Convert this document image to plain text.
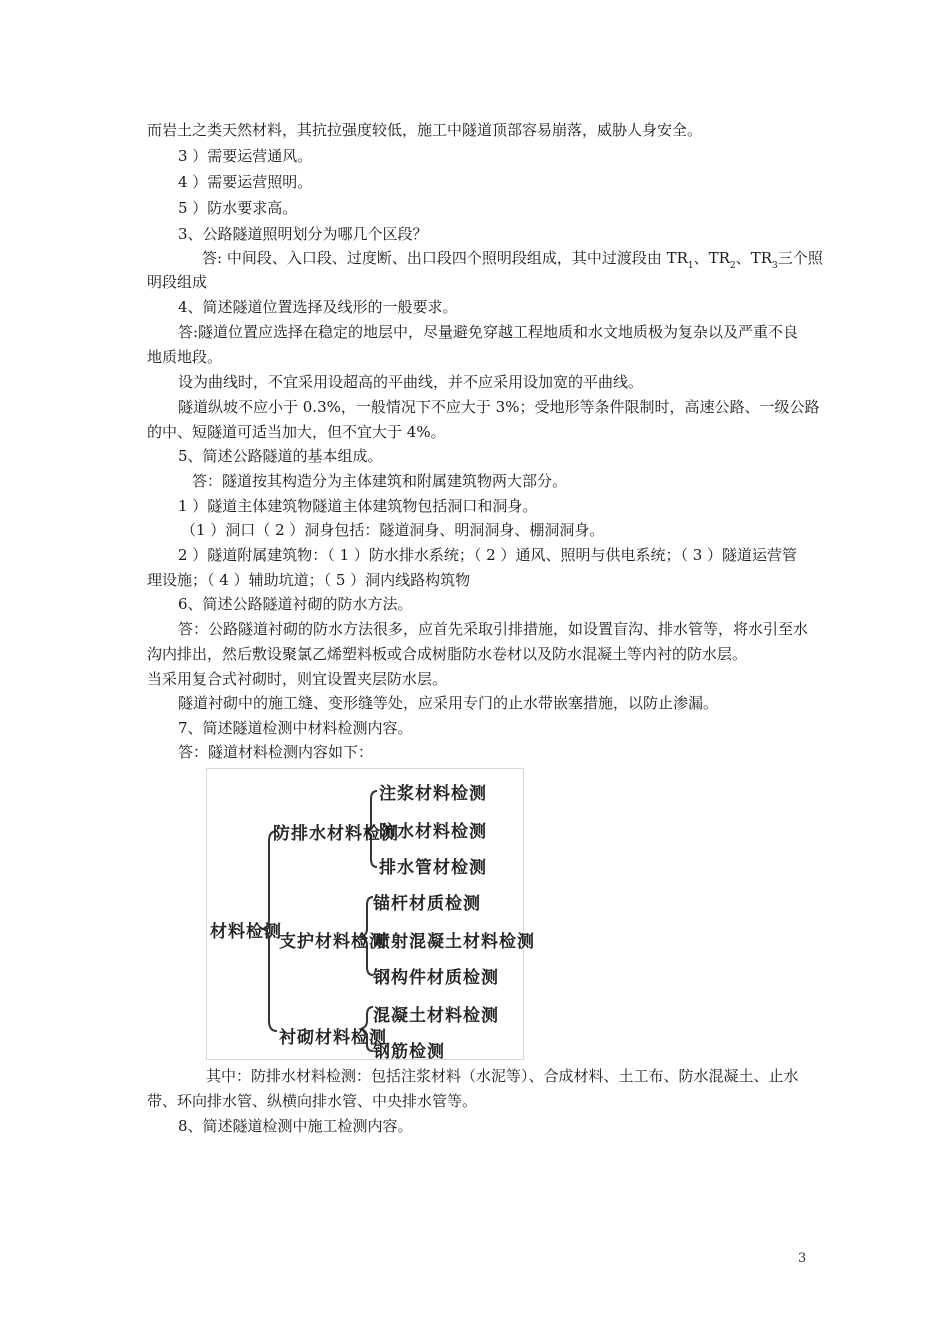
而岩土之类天然材料，其抗拉强度较低，施工中隧道顶部容易崩落，威胁人身安全。
3 ）需要运营通风。
4 ）需要运营照明。
5 ）防水要求高。
3、公路隧道照明划分为哪几个区段？
答: 中间段、入口段、过度断、出口段四个照明段组成，其中过渡段由 $TR_1$、$TR_2$、$TR_3$三个照
明段组成
4、简述隧道位置选择及线形的一般要求。
答:隧道位置应选择在稳定的地层中，尽量避免穿越工程地质和水文地质极为复杂以及严重不良
地质地段。
设为曲线时，不宜采用设超高的平曲线，并不应采用设加宽的平曲线。
隧道纵坡不应小于 0.3%，一般情况下不应大于 3%；受地形等条件限制时，高速公路、一级公路
的中、短隧道可适当加大，但不宜大于 4%。
5、简述公路隧道的基本组成。
答：隧道按其构造分为主体建筑和附属建筑物两大部分。
1 ）隧道主体建筑物隧道主体建筑物包括洞口和洞身。
（1 ）洞口（ 2 ）洞身包括：隧道洞身、明洞洞身、棚洞洞身。
2 ）隧道附属建筑物：（ 1 ）防水排水系统；（ 2 ）通风、照明与供电系统；（ 3 ）隧道运营管
理设施；（ 4 ）辅助坑道；（ 5 ）洞内线路构筑物
6、简述公路隧道衬砌的防水方法。
答：公路隧道衬砌的防水方法很多，应首先采取引排措施，如设置盲沟、排水管等，将水引至水
沟内排出，然后敷设聚氯乙烯塑料板或合成树脂防水卷材以及防水混凝土等内衬的防水层。
当采用复合式衬砌时，则宜设置夹层防水层。
隧道衬砌中的施工缝、变形缝等处，应采用专门的止水带嵌塞措施，以防止渗漏。
7、简述隧道检测中材料检测内容。
答：隧道材料检测内容如下：
材料检测
防排水材料检测
支护材料检测
衬砌材料检测
注浆材料检测
防水材料检测
排水管材检测
锚杆材质检测
喷射混凝土材料检测
钢构件材质检测
混凝土材料检测
钢筋检测
其中：防排水材料检测：包括注浆材料（水泥等）、合成材料、土工布、防水混凝土、止水
带、环向排水管、纵横向排水管、中央排水管等。
8、简述隧道检测中施工检测内容。
3
